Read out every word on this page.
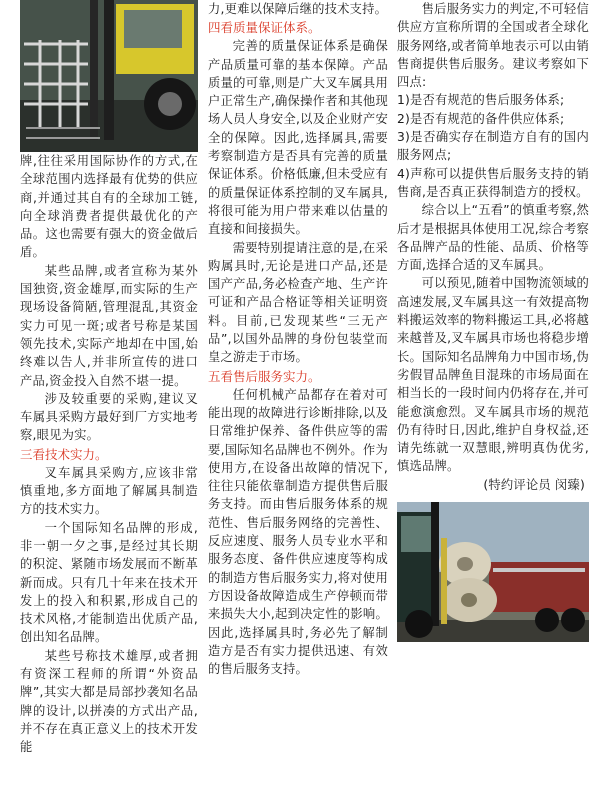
牌,往往采用国际协作的方式,在全球范围内选择最有优势的供应商,并通过其自有的全球加工链,向全球消费者提供最优化的产品。这也需要有强大的资金做后盾。

某些品牌,或者宣称为某外国独资,资金雄厚,而实际的生产现场设备简陋,管理混乱,其资金实力可见一斑;或者号称是某国领先技术,实际产地却在中国,始终难以告人,并非所宣传的进口产品,资金投入自然不堪一提。

涉及较重要的采购,建议叉车属具采购方最好到厂方实地考察,眼见为实。

三看技术实力。

叉车属具采购方,应该非常慎重地,多方面地了解属具制造方的技术实力。

一个国际知名品牌的形成,非一朝一夕之事,是经过其长期的积淀、紧随市场发展而不断革新而成。只有几十年来在技术开发上的投入和积累,形成自己的技术风格,才能制造出优质产品,创出知名品牌。

某些号称技术雄厚,或者拥有资深工程师的所谓“外资品牌”,其实大都是局部抄袭知名品牌的设计,以拼凑的方式出产品,并不存在真正意义上的技术开发能

力,更难以保障后继的技术支持。

四看质量保证体系。

完善的质量保证体系是确保产品质量可靠的基本保障。产品质量的可靠,则是广大叉车属具用户正常生产,确保操作者和其他现场人员人身安全,以及企业财产安全的保障。因此,选择属具,需要考察制造方是否具有完善的质量保证体系。价格低廉,但未受应有的质量保证体系控制的叉车属具,将很可能为用户带来难以估量的直接和间接损失。

需要特别提请注意的是,在采购属具时,无论是进口产品,还是国产产品,务必检查产地、生产许可证和产品合格证等相关证明资料。目前,已发现某些“三无产品”,以国外品牌的身份包装堂而皇之游走于市场。

五看售后服务实力。

任何机械产品都存在着对可能出现的故障进行诊断排除,以及日常维护保养、备件供应等的需要,国际知名品牌也不例外。作为使用方,在设备出故障的情况下,往往只能依靠制造方提供售后服务支持。而由售后服务体系的规范性、售后服务网络的完善性、反应速度、服务人员专业水平和服务态度、备件供应速度等构成的制造方售后服务实力,将对使用方因设备故障造成生产停顿而带来损失大小,起到决定性的影响。因此,选择属具时,务必先了解制造方是否有实力提供迅速、有效的售后服务支持。

售后服务实力的判定,不可轻信供应方宣称所谓的全国或者全球化服务网络,或者简单地表示可以由销售商提供售后服务。建议考察如下四点:

1)是否有规范的售后服务体系;

2)是否有规范的备件供应体系;

3)是否确实存在制造方自有的国内服务网点;

4)声称可以提供售后服务支持的销售商,是否真正获得制造方的授权。

综合以上“五看”的慎重考察,然后才是根据具体使用工况,综合考察各品牌产品的性能、品质、价格等方面,选择合适的叉车属具。

可以预见,随着中国物流领域的高速发展,叉车属具这一有效提高物料搬运效率的物料搬运工具,必将越来越普及,叉车属具市场也将稳步增长。国际知名品牌角力中国市场,伪劣假冒品牌鱼目混珠的市场局面在相当长的一段时间内仍将存在,并可能愈演愈烈。叉车属具市场的规范仍有待时日,因此,维护自身权益,还请先练就一双慧眼,辨明真伪优劣,慎选品牌。

(特约评论员 闵臻)
